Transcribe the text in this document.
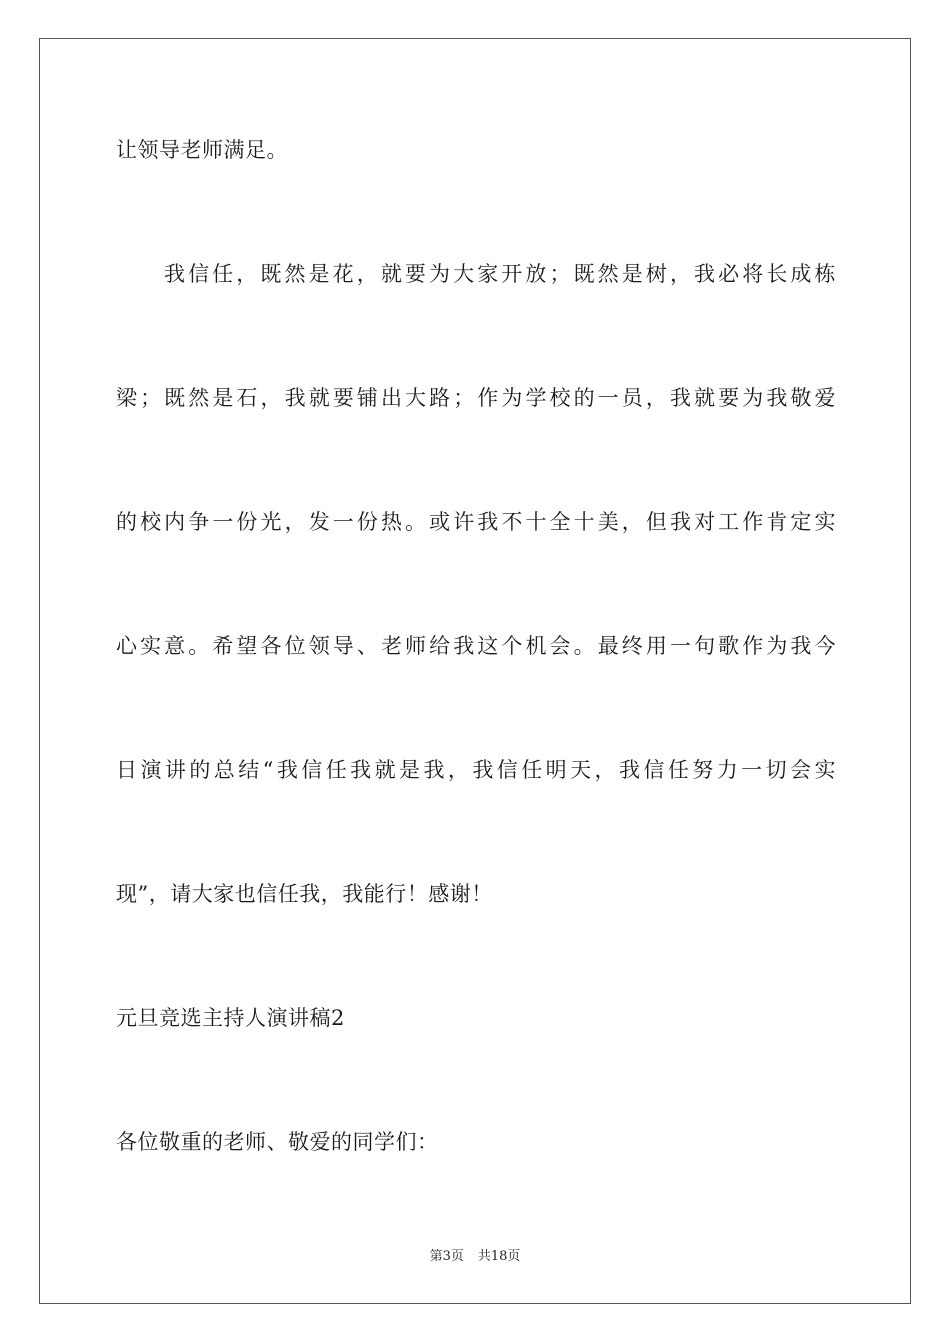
让领导老师满足。
我信任，既然是花，就要为大家开放；既然是树，我必将长成栋
梁；既然是石，我就要铺出大路；作为学校的一员，我就要为我敬爱
的校内争一份光，发一份热。或许我不十全十美，但我对工作肯定实
心实意。希望各位领导、老师给我这个机会。最终用一句歌作为我今
日演讲的总结“我信任我就是我，我信任明天，我信任努力一切会实
现”，请大家也信任我，我能行！感谢！
元旦竞选主持人演讲稿2
各位敬重的老师、敬爱的同学们：
第3页 共18页
